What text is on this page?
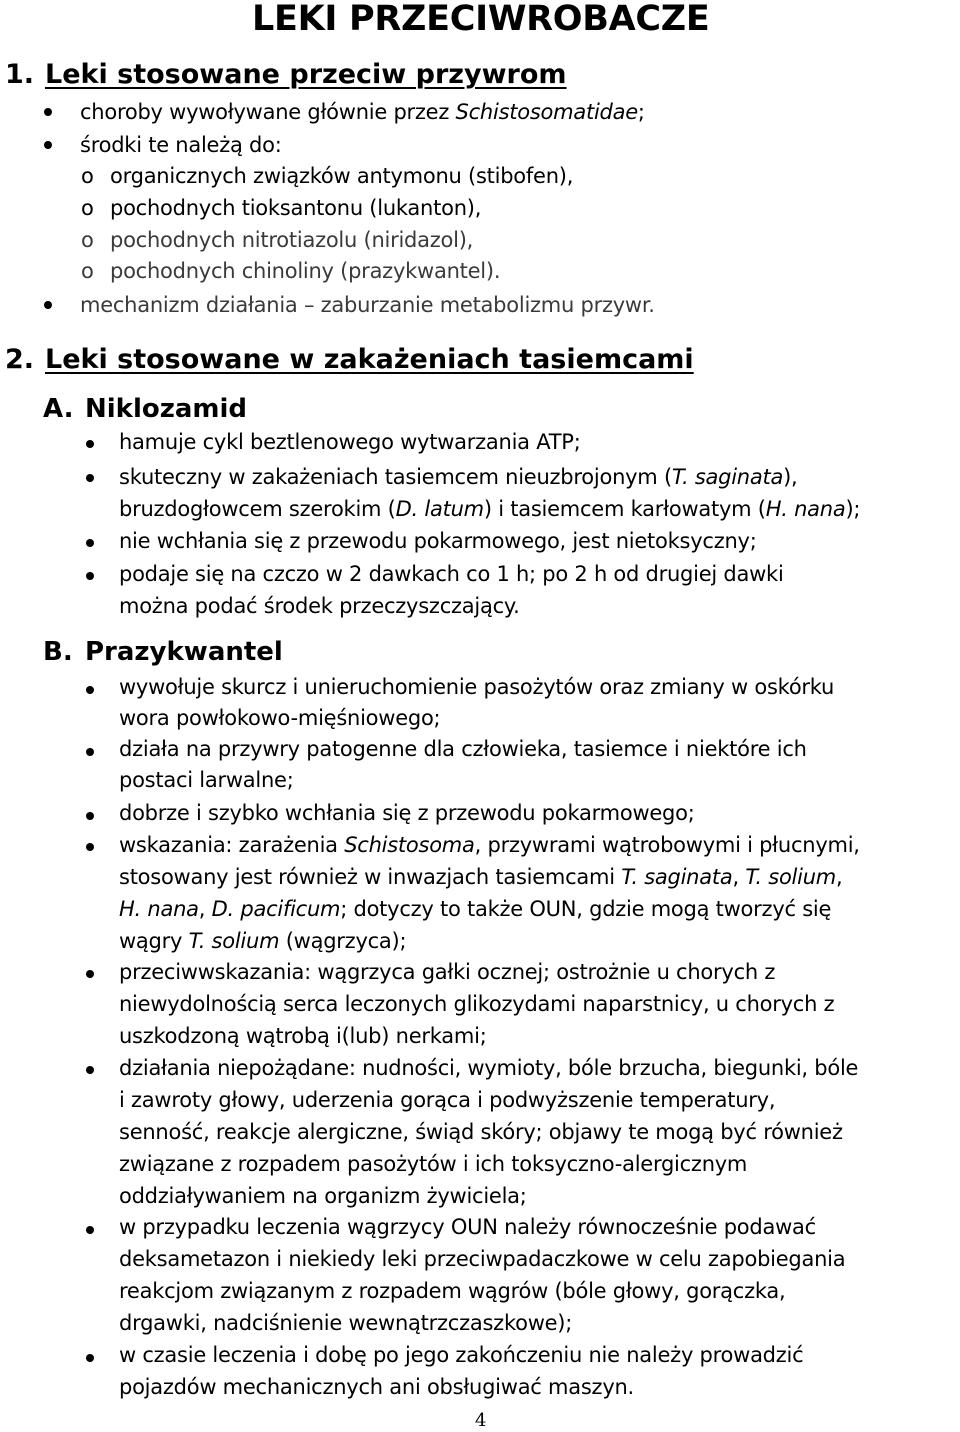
LEKI PRZECIWROBACZE
1. Leki stosowane przeciw przywrom
choroby wywoływane głównie przez Schistosomatidae;
środki te należą do:
o organicznych związków antymonu (stibofen),
o pochodnych tioksantonu (lukanton),
o pochodnych nitrotiazolu (niridazol),
o pochodnych chinoliny (prazykwantel).
mechanizm działania – zaburzanie metabolizmu przywr.
2. Leki stosowane w zakażeniach tasiemcami
A. Niklozamid
hamuje cykl beztlenowego wytwarzania ATP;
skuteczny w zakażeniach tasiemcem nieuzbrojonym (T. saginata),
bruzdogłowcem szerokim (D. latum) i tasiemcem karłowatym (H. nana);
nie wchłania się z przewodu pokarmowego, jest nietoksyczny;
podaje się na czczo w 2 dawkach co 1 h; po 2 h od drugiej dawki
można podać środek przeczyszczający.
B. Prazykwantel
wywołuje skurcz i unieruchomienie pasożytów oraz zmiany w oskórku
wora powłokowo-mięśniowego;
działa na przywry patogenne dla człowieka, tasiemce i niektóre ich
postaci larwalne;
dobrze i szybko wchłania się z przewodu pokarmowego;
wskazania: zarażenia Schistosoma, przywrami wątrobowymi i płucnymi,
stosowany jest również w inwazjach tasiemcami T. saginata, T. solium,
H. nana, D. pacificum; dotyczy to także OUN, gdzie mogą tworzyć się
wągry T. solium (wągrzyca);
przeciwwskazania: wągrzyca gałki ocznej; ostrożnie u chorych z
niewydolnością serca leczonych glikozydami naparstnicy, u chorych z
uszkodzoną wątrobą i(lub) nerkami;
działania niepożądane: nudności, wymioty, bóle brzucha, biegunki, bóle
i zawroty głowy, uderzenia gorąca i podwyższenie temperatury,
senność, reakcje alergiczne, świąd skóry; objawy te mogą być również
związane z rozpadem pasożytów i ich toksyczno-alergicznym
oddziaływaniem na organizm żywiciela;
w przypadku leczenia wągrzycy OUN należy równocześnie podawać
deksametazon i niekiedy leki przeciwpadaczkowe w celu zapobiegania
reakcjom związanym z rozpadem wągrów (bóle głowy, gorączka,
drgawki, nadciśnienie wewnątrzczaszkowe);
w czasie leczenia i dobę po jego zakończeniu nie należy prowadzić
pojazdów mechanicznych ani obsługiwać maszyn.
4
